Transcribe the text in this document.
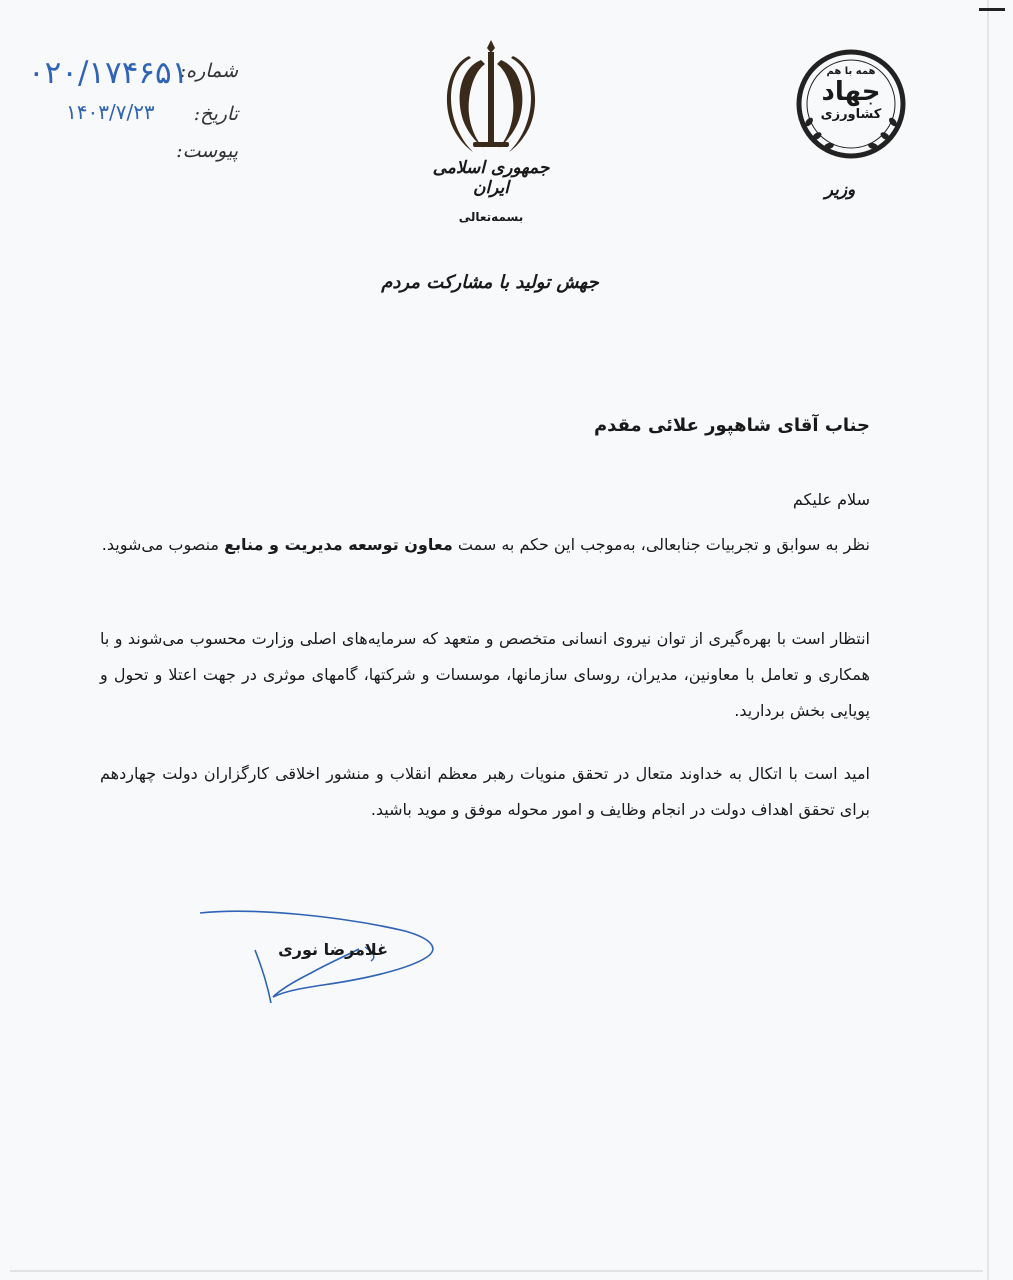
شماره:
۰۲۰/۱۷۴۶۵۱
تاریخ:
۱۴۰۳/۷/۲۳
پیوست:
جمهوری اسلامی ایران
بسمه‌تعالی
جهش تولید با مشارکت مردم
همه با هم
جهاد
کشاورزی
وزیر
جناب آقای شاهپور علائی مقدم

سلام علیکم

نظر به سوابق و تجربیات جنابعالی، به‌موجب این حکم به سمت معاون توسعه مدیریت و منابع منصوب می‌شوید.

انتظار است با بهره‌گیری از توان نیروی انسانی متخصص و متعهد که سرمایه‌های اصلی وزارت محسوب می‌شوند و با همکاری و تعامل با معاونین، مدیران، روسای سازمانها، موسسات و شرکتها، گامهای موثری در جهت اعتلا و تحول و پویایی بخش بردارید.

امید است با اتکال به خداوند متعال در تحقق منویات رهبر معظم انقلاب و منشور اخلاقی کارگزاران دولت چهاردهم برای تحقق اهداف دولت در انجام وظایف و امور محوله موفق و موید باشید.

غلامرضا نوری
